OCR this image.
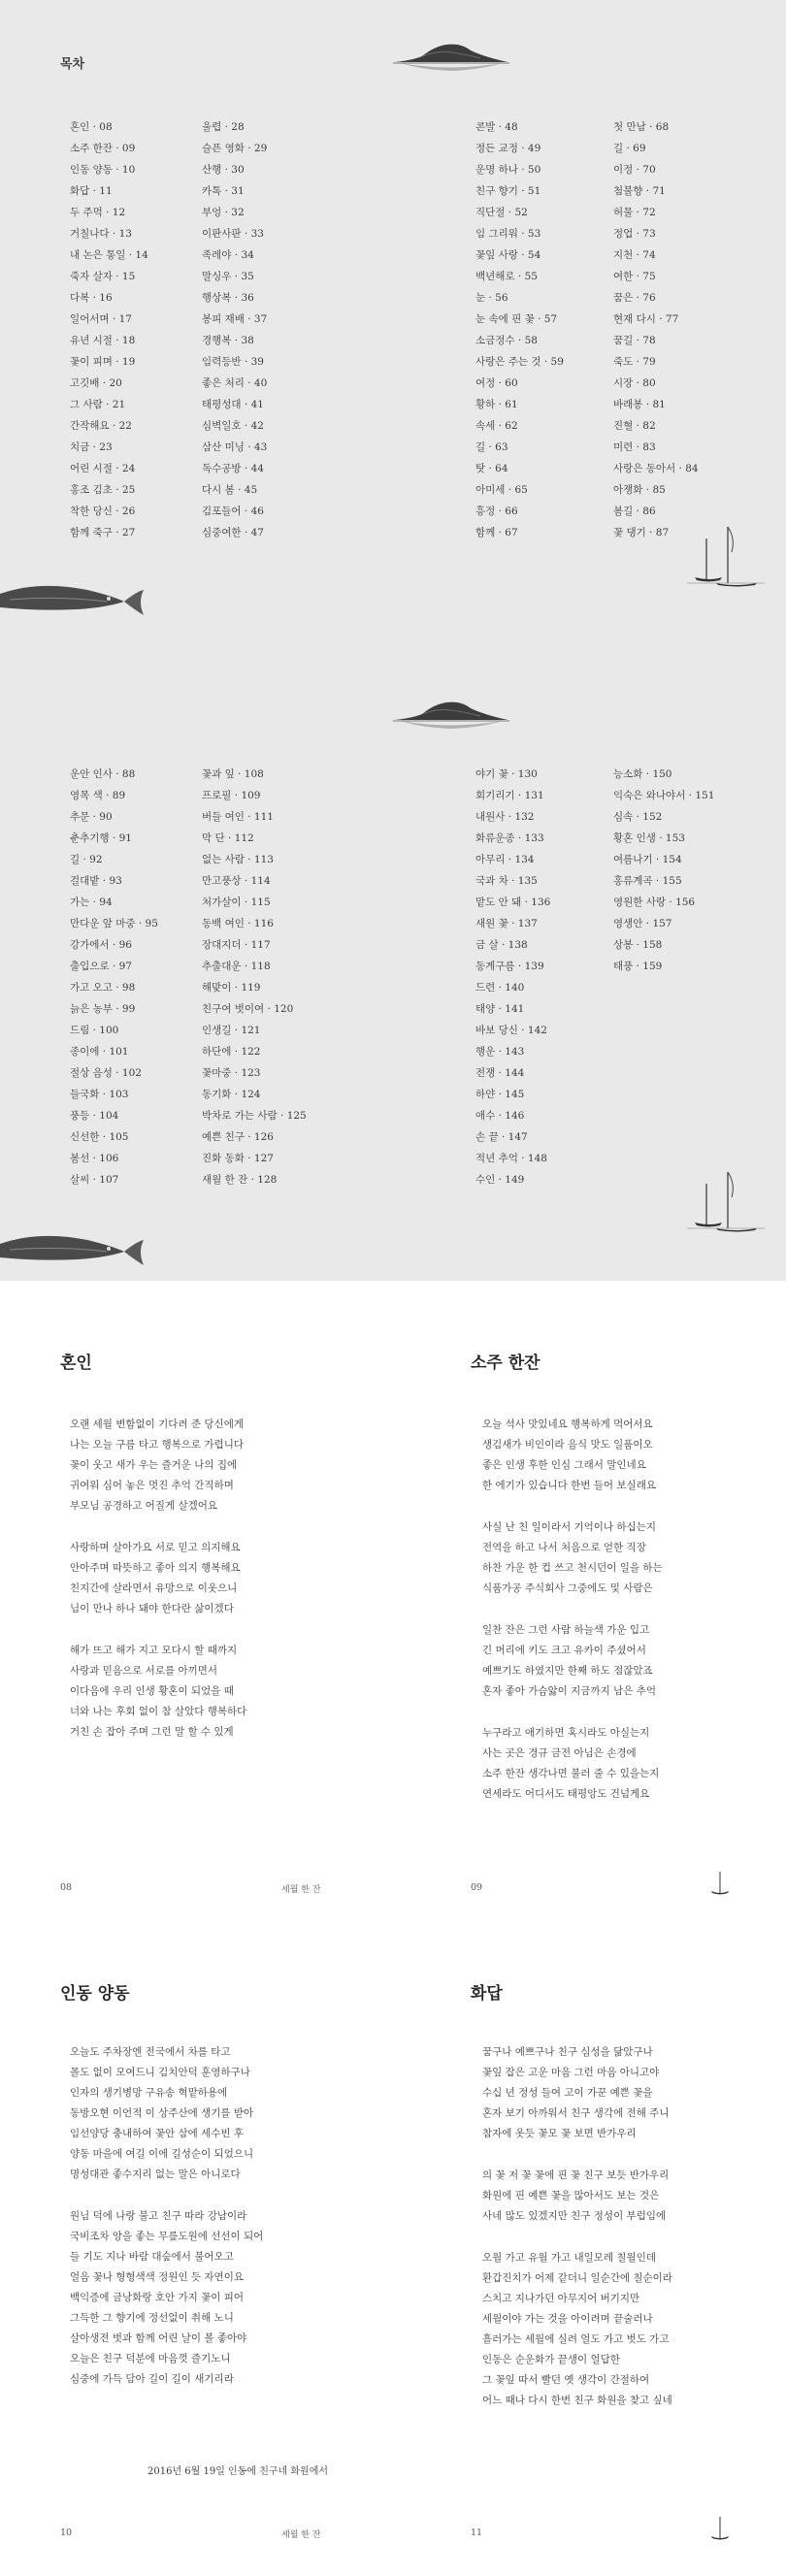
목차
혼인 · 08
소주 한잔 · 09
인동 양동 · 10
화답 · 11
두 주먹 · 12
거칠나다 · 13
내 논은 통일 · 14
죽자 살자 · 15
다복 · 16
일어서며 · 17
유년 시절 · 18
꽃이 피며 · 19
고깃배 · 20
그 사람 · 21
간작해요 · 22
치금 · 23
어린 시절 · 24
홍조 김초 · 25
착한 당신 · 26
함께 죽구 · 27
울렵 · 28
슬픈 영화 · 29
산행 · 30
카톡 · 31
부엉 · 32
이판사판 · 33
족레야 · 34
말싱우 · 35
행상복 · 36
봉피 재배 · 37
경행복 · 38
임력등반 · 39
좋은 처리 · 40
태평성대 · 41
심벽일호 · 42
삼산 미닝 · 43
독수공방 · 44
다시 봄 · 45
김포들어 · 46
심중여한 · 47
콘발 · 48
정든 교정 · 49
운명 하나 · 50
친구 향기 · 51
직단절 · 52
임 그리워 · 53
꽃잎 사랑 · 54
백년해로 · 55
눈 · 56
눈 속에 핀 꽃 · 57
소금정수 · 58
사랑은 주는 것 · 59
여정 · 60
황하 · 61
속세 · 62
길 · 63
탓 · 64
아미세 · 65
흥정 · 66
함께 · 67
첫 만남 · 68
길 · 69
이정 · 70
첨불향 · 71
허물 · 72
정업 · 73
지천 · 74
여한 · 75
꿈은 · 76
현재 다시 · 77
꿈길 · 78
죽도 · 79
시장 · 80
바래봉 · 81
진혈 · 82
미련 · 83
사랑은 동아서 · 84
아쟁화 · 85
봄길 · 86
꽃 댕기 · 87
운안 인사 · 88
영목 색 · 89
추문 · 90
춘추기행 · 91
길 · 92
걸대밭 · 93
가는 · 94
만다운 앞 마중 · 95
강가에서 · 96
출입으로 · 97
가고 오고 · 98
늙은 농부 · 99
드림 · 100
종이에 · 101
절상 음성 · 102
들국화 · 103
풍등 · 104
신선한 · 105
봄선 · 106
살씨 · 107
꽃과 잎 · 108
프로필 · 109
버들 여인 · 111
막 단 · 112
없는 사람 · 113
만고풍상 · 114
처가살이 · 115
동백 여인 · 116
장대지더 · 117
추출대운 · 118
해맞이 · 119
친구여 벗이여 · 120
인생길 · 121
하단에 · 122
꽃마중 · 123
동기화 · 124
박차로 가는 사람 · 125
예쁜 친구 · 126
진화 동화 · 127
새월 한 잔 · 128
야기 꽃 · 130
회기리기 · 131
내원사 · 132
화류운종 · 133
아무리 · 134
국과 차 · 135
맡도 안 돼 · 136
새원 꽃 · 137
금 살 · 138
동계구름 · 139
드련 · 140
태양 · 141
바보 당신 · 142
행운 · 143
전쟁 · 144
하얀 · 145
애수 · 146
손 끝 · 147
적년 추억 · 148
수인 · 149
능소화 · 150
익숙은 와나야서 · 151
심속 · 152
황혼 인생 · 153
여름나기 · 154
홍류계곡 · 155
영원한 사랑 · 156
영생안 · 157
상봉 · 158
태풍 · 159
혼인
오랜 세월 변함없이 기다려 준 당신에게
나는 오늘 구름 타고 행복으로 가렵니다
꽃이 웃고 새가 우는 즐거운 나의 집에
귀여워 심어 놓은 멋진 추억 간직하며
부모님 공경하고 어질게 살겠어요
사랑하며 살아가요 서로 믿고 의지해요
안아주며 따뜻하고 좋아 의지 행복해요
친지간에 살라면서 유망으로 이웃으니
님이 만나 하나 돼야 한다란 삶이겠다
해가 뜨고 해가 지고 모다시 할 때까지
사랑과 믿음으로 서로를 아끼면서
이다음에 우리 인생 황혼이 되었을 때
너와 나는 후회 없이 참 살았다 행복하다
거친 손 잡아 주며 그런 말 할 수 있게
08	세월 한 잔
소주 한잔
오늘 석사 맛있네요 행복하게 먹어서요
생김새가 비인이라 음식 맛도 일품이오
좋은 인생 후한 인심 그래서 말인네요
한 에기가 있습니다 한번 들어 보실래요
사실 난 친 일이라서 기억이나 하십는지
전역을 하고 나서 처음으로 얻한 직장
하찬 가운 한 컵 쓰고 천시던이 일을 하는
식품가공 주식회사 그중에도 및 사람은
일찬 잔은 그런 사람 하늘색 가운 입고
긴 머리에 키도 크고 유카이 주셨어서
예쁘기도 하였지만 한째 하도 점잖았죠
혼자 좋아 가슴앓이 지금까지 남은 추억
누구라고 애기하면 혹시라도 아실는지
사는 곳은 경규 금전 아님은 손경에
소주 한잔 생각나면 불러 줄 수 있을는지
연세라도 어디서도 태평앙도 건넘게요
09
인동 양동
오늘도 주차장엔 전국에서 차를 타고
몰도 없이 모여드니 김치안덕 훈영하구나
인자의 생기병망 구유송 혁맡하용에
동방오현 이언적 이 상주산에 생기를 받아
임선양당 충내하여 꽃안 삼에 세수빈 후
양동 마을에 여길 이에 길성순이 되었으니
명성대관 좋수지리 없는 말은 아니로다
원님 덕에 나랑 불고 친구 따라 강남이라
국비조차 앙을 좋는 무릎도원에 선선이 되어
들 기도 지나 바람 대숲에서 불어오고
얼음 꽃나 형형색색 정원인 듯 자연이요
백익증에 금낭화랑 호안 가지 꽃이 피어
그득한 그 향기에 정선없이 취해 노니
살아생전 벗과 함께 어린 날이 볼 좋아야
오늘은 친구 덕분에 마음껏 즐기노니
심중에 가득 담아 길이 길이 새기리라
2016년 6월 19일 인동에 친구네 화원에서
10	세월 한 잔
화답
꿈구나 예쁘구나 친구 심성을 닮았구나
꽃잎 잡은 고운 마음 그런 마음 아니고야
수십 년 정성 들여 고이 가꾼 예쁜 꽃을
혼자 보기 아까워서 친구 생각에 전해 주니
참자에 옷듯 꽃모 꽃 보면 반가우리
의 꽃 저 꽃 꽃에 핀 꽃 친구 보듯 반가우리
화원에 핀 예쁜 꽃을 많아서도 보는 것은
사네 많도 있겠지만 친구 정성이 부럽임에
오월 가고 유월 가고 내일모레 칠월인데
환갑진치가 어제 같더니 일순간에 칠순이라
스치고 지나가던 아무지어 버기지만
세월이야 가는 것을 아이려며 끝술러나
흘러가는 세월에 실려 얼도 가고 벗도 가고
인동은 순운화가 끝생이 얼답한
그 꽃잎 따서 빨던 옛 생각이 간절하여
어느 때나 다시 한번 친구 화원을 찾고 싶네
11
